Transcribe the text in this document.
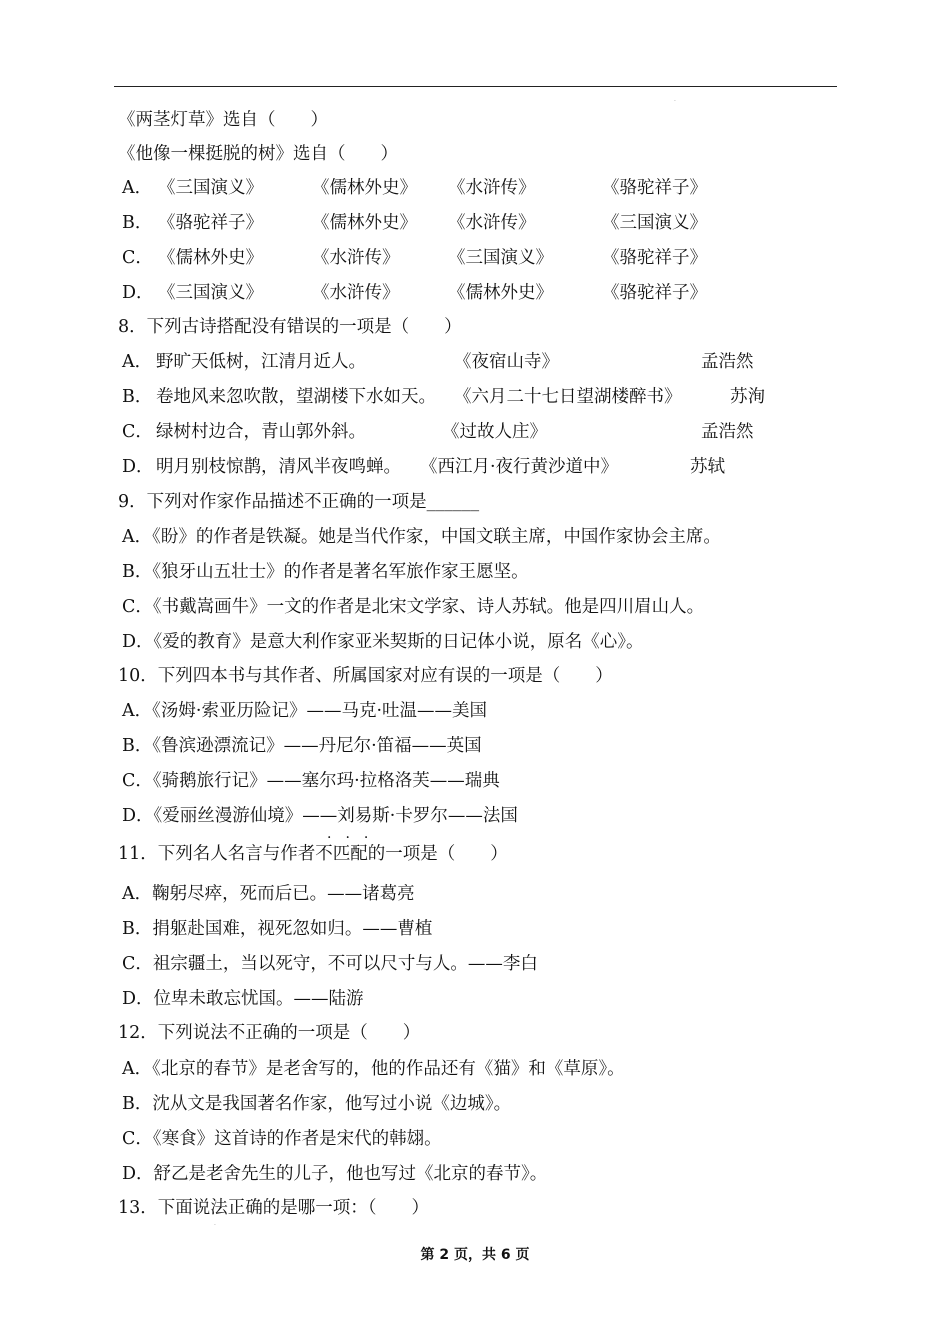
·
《两茎灯草》选自（　　）
《他像一棵挺脱的树》选自（　　）
A． 《三国演义》	《儒林外史》 《水浒传》	《骆驼祥子》
B． 《骆驼祥子》	《儒林外史》 《水浒传》	《三国演义》
C． 《儒林外史》	《水浒传》	《三国演义》	《骆驼祥子》
D． 《三国演义》	《水浒传》	《儒林外史》	《骆驼祥子》
8．下列古诗搭配没有错误的一项是（　　）
A． 野旷天低树，江清月近人。	《夜宿山寺》	孟浩然
B． 卷地风来忽吹散，望湖楼下水如天。 《六月二十七日望湖楼醉书》	苏洵
C． 绿树村边合，青山郭外斜。	《过故人庄》	孟浩然
D． 明月别枝惊鹊，清风半夜鸣蝉。 《西江月·夜行黄沙道中》	苏轼
9．下列对作家作品描述不正确的一项是______
A．《盼》的作者是铁凝。她是当代作家，中国文联主席，中国作家协会主席。
B．《狼牙山五壮士》的作者是著名军旅作家王愿坚。
C．《书戴嵩画牛》一文的作者是北宋文学家、诗人苏轼。他是四川眉山人。
D．《爱的教育》是意大利作家亚米契斯的日记体小说，原名《心》。
10．下列四本书与其作者、所属国家对应有误的一项是（　　）
A．《汤姆·索亚历险记》——马克·吐温——美国
B．《鲁滨逊漂流记》——丹尼尔·笛福——英国
C．《骑鹅旅行记》——塞尔玛·拉格洛芙——瑞典
D．《爱丽丝漫游仙境》——刘易斯·卡罗尔——法国
···
11．下列名人名言与作者不匹配的一项是（　　）
A．鞠躬尽瘁，死而后已。——诸葛亮
B．捐躯赴国难，视死忽如归。——曹植
C．祖宗疆土，当以死守，不可以尺寸与人。——李白
D．位卑未敢忘忧国。——陆游
12．下列说法不正确的一项是（　　）
A．《北京的春节》是老舍写的，他的作品还有《猫》和《草原》。
B．沈从文是我国著名作家，他写过小说《边城》。
C．《寒食》这首诗的作者是宋代的韩翃。
D．舒乙是老舍先生的儿子，他也写过《北京的春节》。
13．下面说法正确的是哪一项：（　　）
·
第 2 页，共 6 页
